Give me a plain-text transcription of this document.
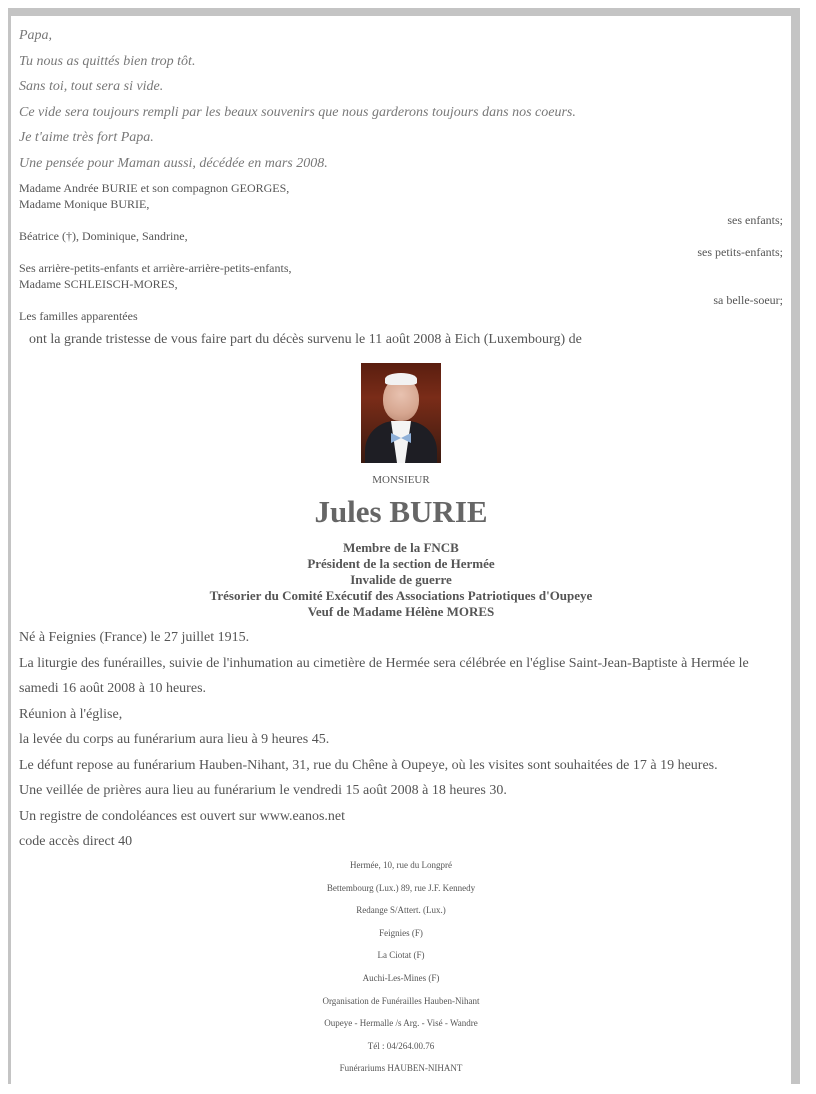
Papa,
Tu nous as quittés bien trop tôt.
Sans toi, tout sera si vide.
Ce vide sera toujours rempli par les beaux souvenirs que nous garderons toujours dans nos coeurs.
Je t'aime très fort Papa.
Une pensée pour Maman aussi, décédée en mars 2008.
Madame Andrée BURIE et son compagnon GEORGES,
Madame Monique BURIE,
ses enfants;
Béatrice (†), Dominique, Sandrine,
ses petits-enfants;
Ses arrière-petits-enfants et arrière-arrière-petits-enfants,
Madame SCHLEISCH-MORES,
sa belle-soeur;
Les familles apparentées
ont la grande tristesse de vous faire part du décès survenu le 11 août 2008 à Eich (Luxembourg) de
MONSIEUR
Jules BURIE
Membre de la FNCB
Président de la section de Hermée
Invalide de guerre
Trésorier du Comité Exécutif des Associations Patriotiques d'Oupeye
Veuf de Madame Hélène MORES
Né à Feignies (France) le 27 juillet 1915.
La liturgie des funérailles, suivie de l'inhumation au cimetière de Hermée sera célébrée en l'église Saint-Jean-Baptiste à Hermée le samedi 16 août 2008 à 10 heures.
Réunion à l'église,
la levée du corps au funérarium aura lieu à 9 heures 45.
Le défunt repose au funérarium Hauben-Nihant, 31, rue du Chêne à Oupeye, où les visites sont souhaitées de 17 à 19 heures.
Une veillée de prières aura lieu au funérarium le vendredi 15 août 2008 à 18 heures 30.
Un registre de condoléances est ouvert sur www.eanos.net
code accès direct 40
Hermée, 10, rue du Longpré
Bettembourg (Lux.) 89, rue J.F. Kennedy
Redange S/Attert. (Lux.)
Feignies (F)
La Ciotat (F)
Auchi-Les-Mines (F)
Organisation de Funérailles Hauben-Nihant
Oupeye - Hermalle /s Arg. - Visé - Wandre
Tél : 04/264.00.76
Funérariums HAUBEN-NIHANT
